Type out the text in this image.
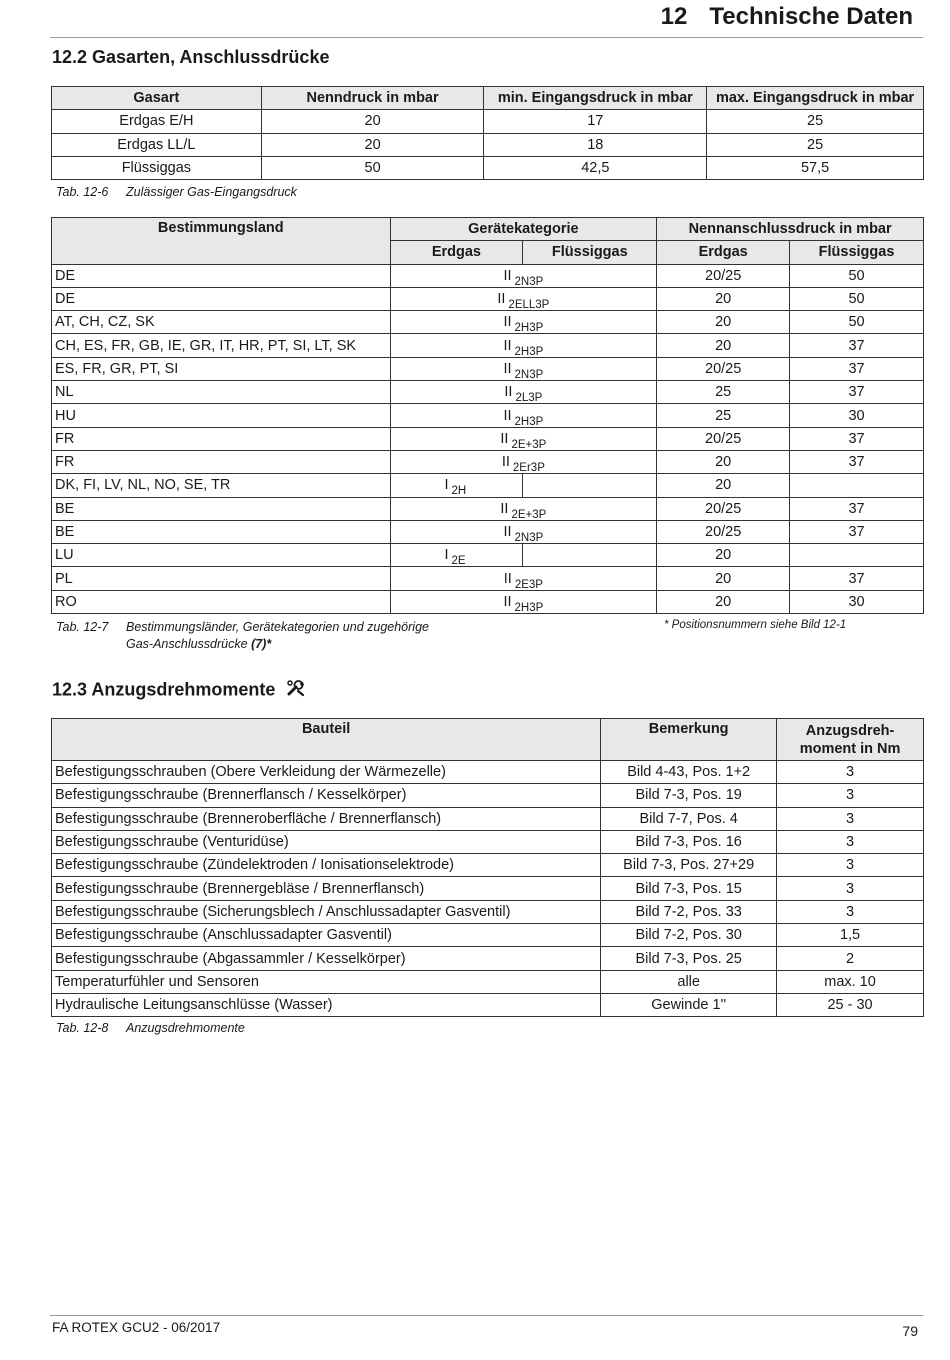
12 Technische Daten
12.2 Gasarten, Anschlussdrücke
Gasart	Nenndruck in mbar	min. Eingangsdruck in mbar	max. Eingangsdruck in mbar
Erdgas E/H	20	17	25
Erdgas LL/L	20	18	25
Flüssiggas	50	42,5	57,5
Tab. 12-6 Zulässiger Gas-Eingangsdruck
Bestimmungsland	Gerätekategorie		Nennanschlussdruck in mbar	
	Erdgas	Flüssiggas	Erdgas	Flüssiggas
DE	II $_{2N3P}$		20/25	50
DE	II $_{2ELL3P}$		20	50
AT, CH, CZ, SK	II $_{2H3P}$		20	50
CH, ES, FR, GB, IE, GR, IT, HR, PT, SI, LT, SK	II $_{2H3P}$		20	37
ES, FR, GR, PT, SI	II $_{2N3P}$		20/25	37
NL	II $_{2L3P}$		25	37
HU	II $_{2H3P}$		25	30
FR	II $_{2E+3P}$		20/25	37
FR	II $_{2Er3P}$		20	37
DK, FI, LV, NL, NO, SE, TR	I $_{2H}$		20	
BE	II $_{2E+3P}$		20/25	37
BE	II $_{2N3P}$		20/25	37
LU	I $_{2E}$		20	
PL	II $_{2E3P}$		20	37
RO	II $_{2H3P}$		20	30
Tab. 12-7 Bestimmungsländer, Gerätekategorien und zugehörige
Gas-Anschlussdrücke (7)*
* Positionsnummern siehe Bild 12-1
12.3 Anzugsdrehmomente
Bauteil	Bemerkung	Anzugsdreh-
moment in Nm
Befestigungsschrauben (Obere Verkleidung der Wärmezelle)	Bild 4-43, Pos. 1+2	3
Befestigungsschraube (Brennerflansch / Kesselkörper)	Bild 7-3, Pos. 19	3
Befestigungsschraube (Brenneroberfläche / Brennerflansch)	Bild 7-7, Pos. 4	3
Befestigungsschraube (Venturidüse)	Bild 7-3, Pos. 16	3
Befestigungsschraube (Zündelektroden / Ionisationselektrode)	Bild 7-3, Pos. 27+29	3
Befestigungsschraube (Brennergebläse / Brennerflansch)	Bild 7-3, Pos. 15	3
Befestigungsschraube (Sicherungsblech / Anschlussadapter Gasventil)	Bild 7-2, Pos. 33	3
Befestigungsschraube (Anschlussadapter Gasventil)	Bild 7-2, Pos. 30	1,5
Befestigungsschraube (Abgassammler / Kesselkörper)	Bild 7-3, Pos. 25	2
Temperaturfühler und Sensoren	alle	max. 10
Hydraulische Leitungsanschlüsse (Wasser)	Gewinde 1''	25 - 30
Tab. 12-8 Anzugsdrehmomente
FA ROTEX GCU2 - 06/2017	79
